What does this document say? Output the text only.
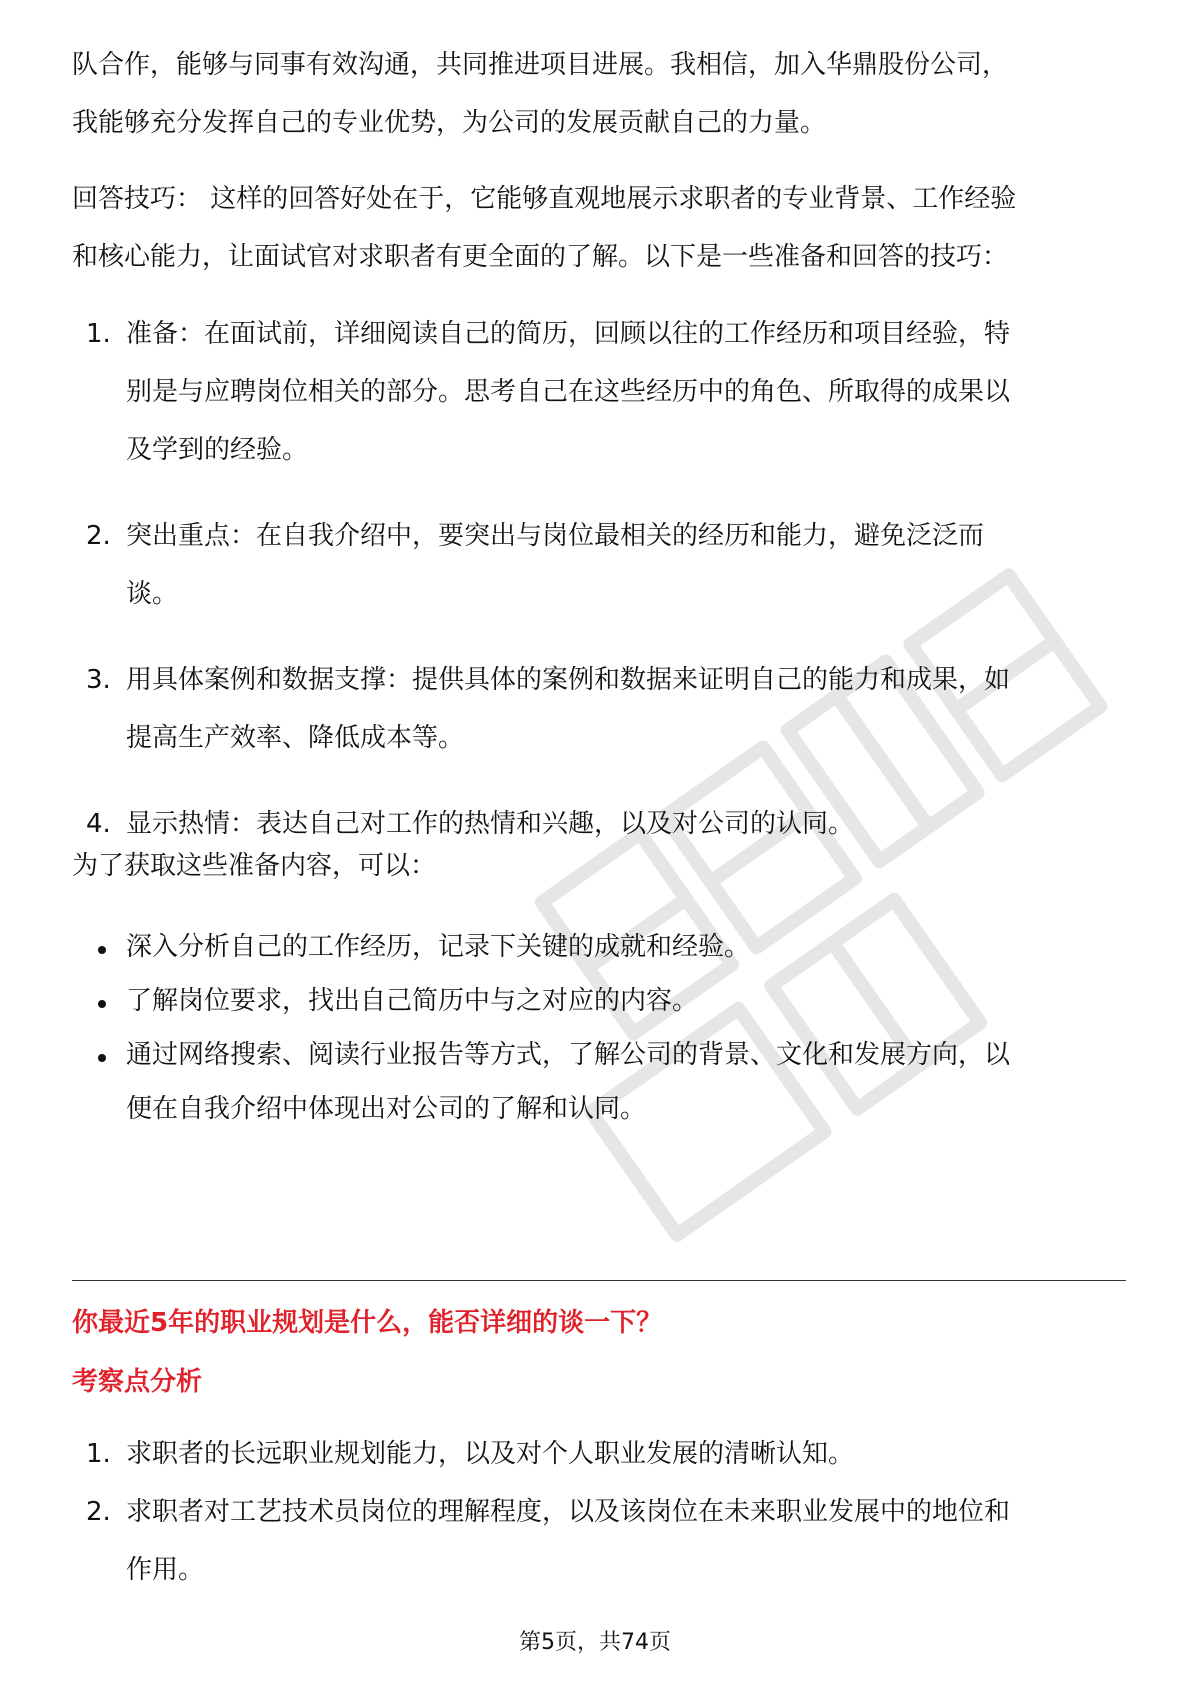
队合作，能够与同事有效沟通，共同推进项目进展。我相信，加入华鼎股份公司，
我能够充分发挥自己的专业优势，为公司的发展贡献自己的力量。

回答技巧： 这样的回答好处在于，它能够直观地展示求职者的专业背景、工作经验
和核心能力，让面试官对求职者有更全面的了解。以下是一些准备和回答的技巧：

1. 准备：在面试前，详细阅读自己的简历，回顾以往的工作经历和项目经验，特
别是与应聘岗位相关的部分。思考自己在这些经历中的角色、所取得的成果以
及学到的经验。
2. 突出重点：在自我介绍中，要突出与岗位最相关的经历和能力，避免泛泛而
谈。
3. 用具体案例和数据支撑：提供具体的案例和数据来证明自己的能力和成果，如
提高生产效率、降低成本等。
4. 显示热情：表达自己对工作的热情和兴趣，以及对公司的认同。

为了获取这些准备内容，可以：

深入分析自己的工作经历，记录下关键的成就和经验。
了解岗位要求，找出自己简历中与之对应的内容。
通过网络搜索、阅读行业报告等方式，了解公司的背景、文化和发展方向，以
便在自我介绍中体现出对公司的了解和认同。

你最近5年的职业规划是什么，能否详细的谈一下？

考察点分析

1. 求职者的长远职业规划能力，以及对个人职业发展的清晰认知。
2. 求职者对工艺技术员岗位的理解程度，以及该岗位在未来职业发展中的地位和
作用。
第5页，共74页
